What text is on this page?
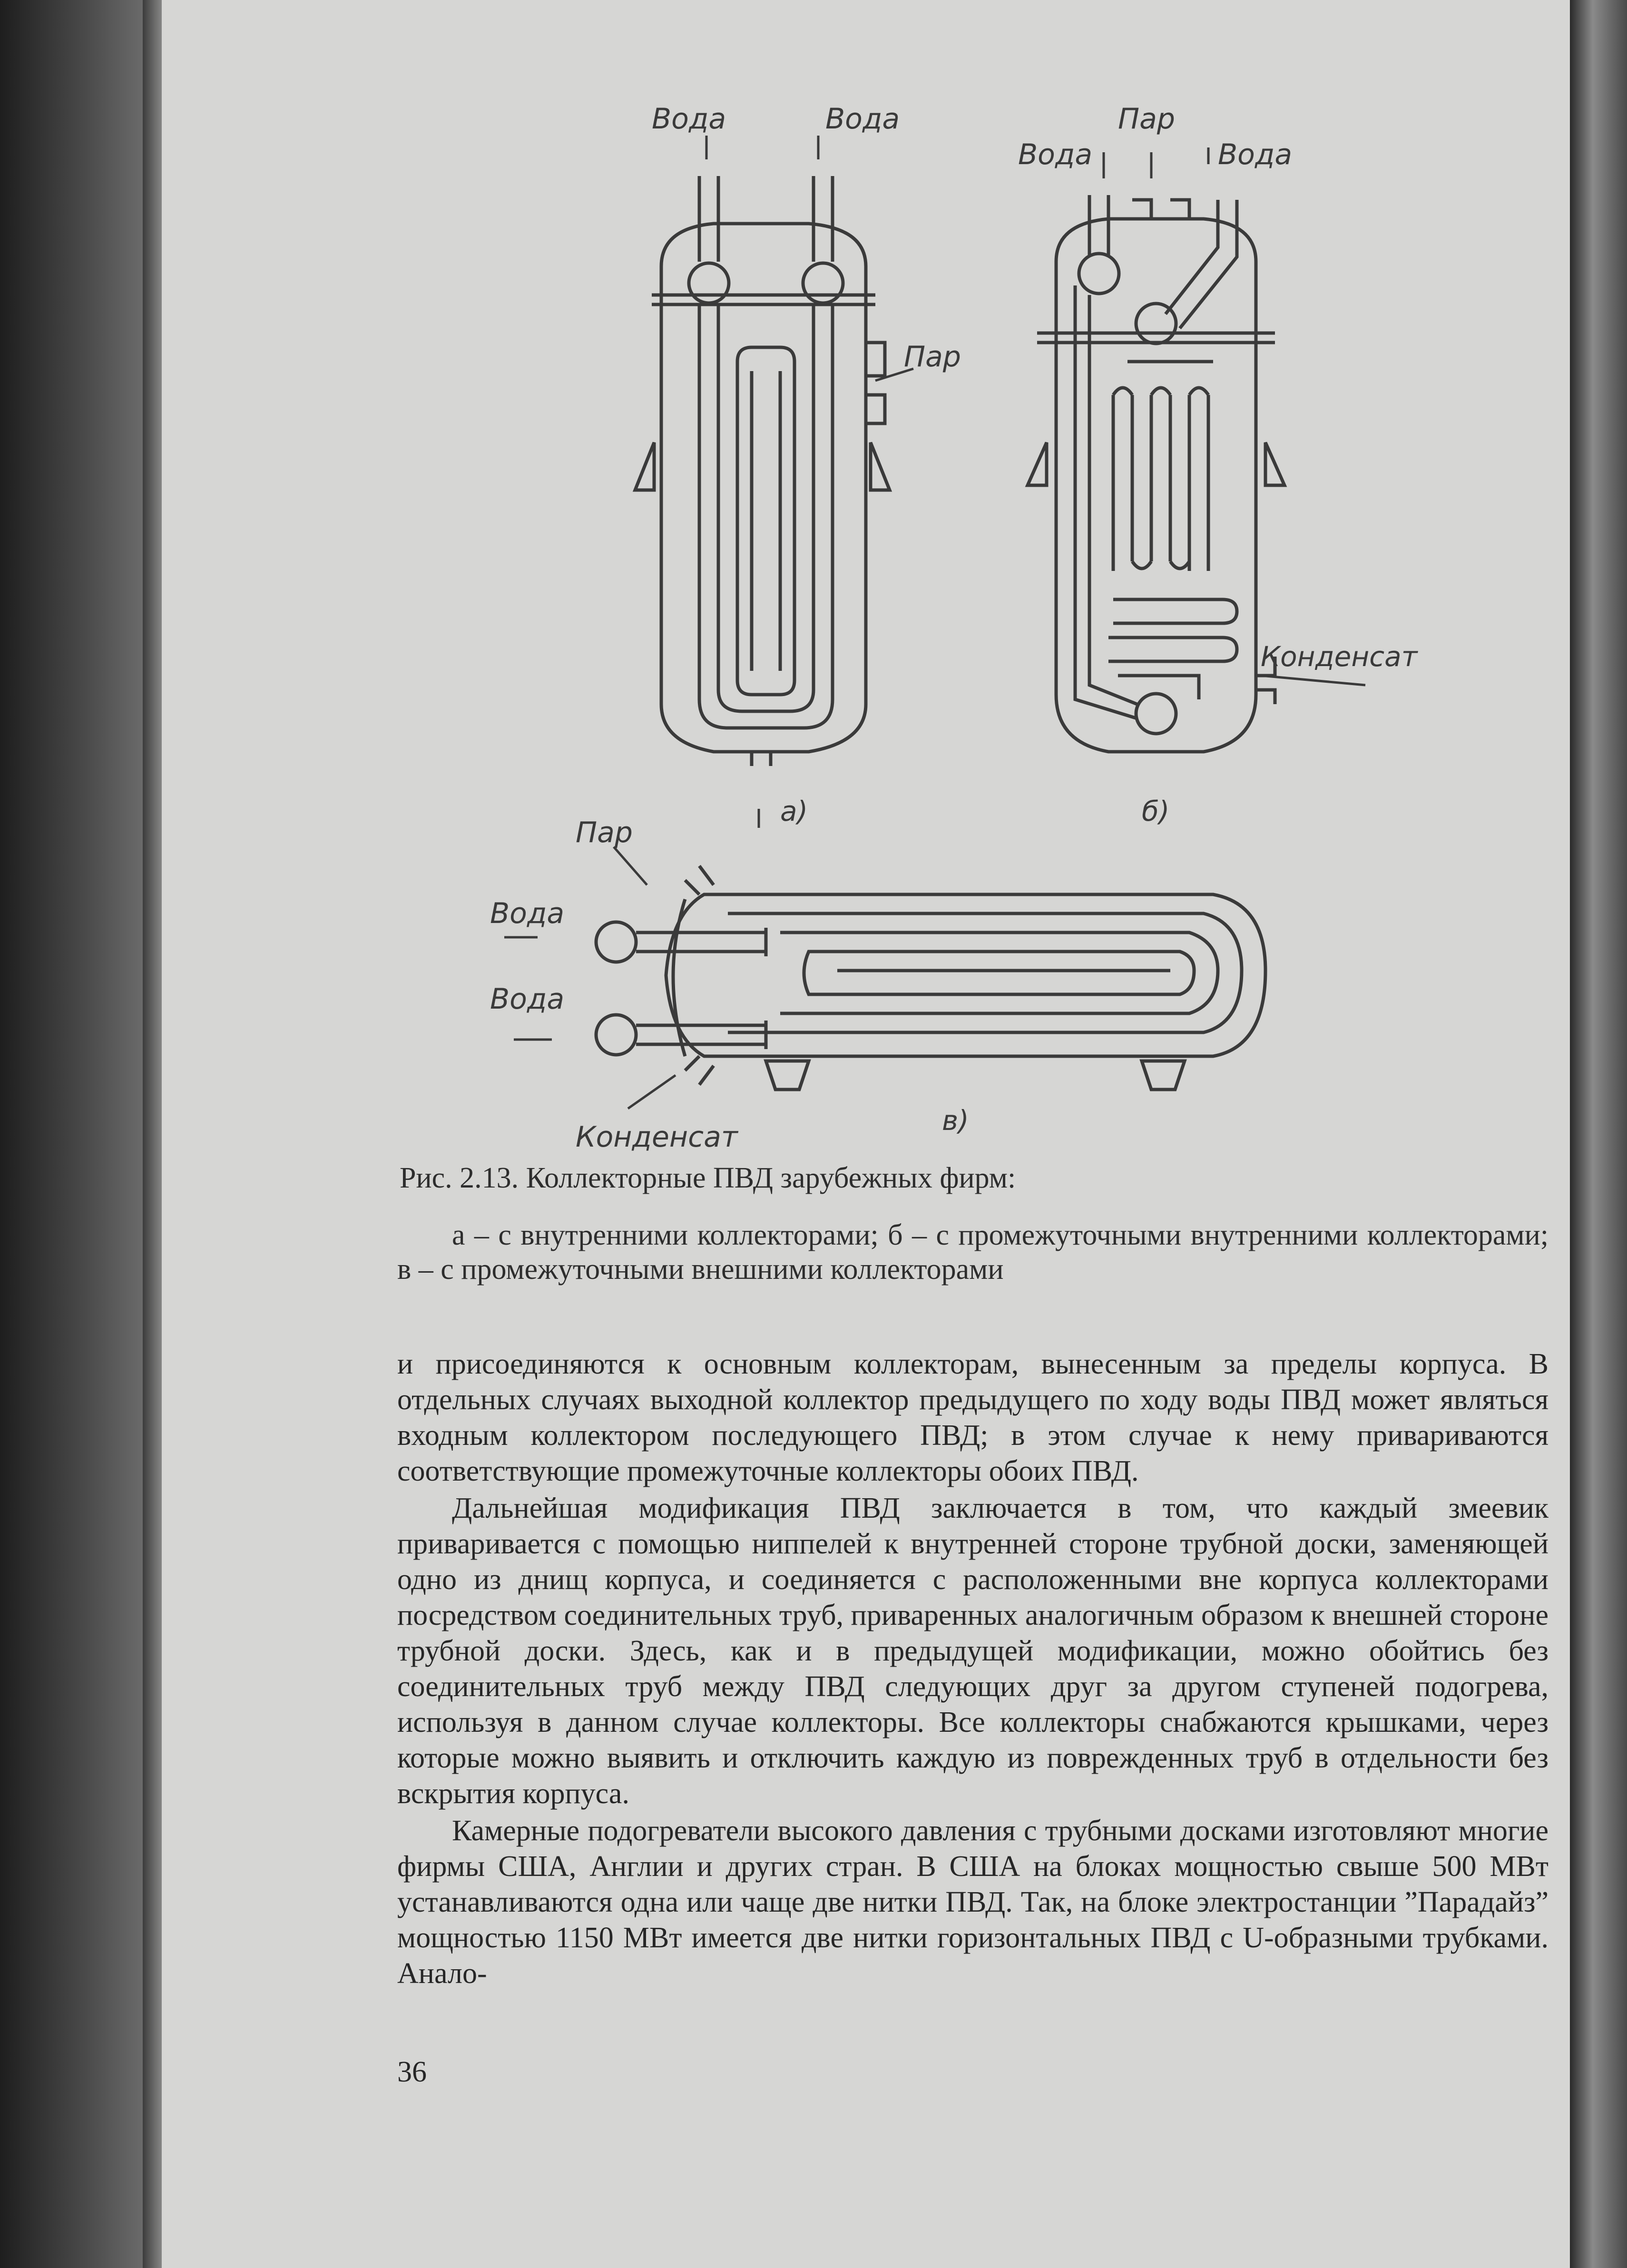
Вода	Вода
Пар
а)
Пар
Вода	Вода
Конденсат
б)
Пар
Вода
Вода
Конденсат	в)
Рис. 2.13. Коллекторные ПВД зарубежных фирм:
а – с внутренними коллекторами; б – с промежуточными внутренними коллекторами; в – с промежуточными внешними коллекторами

и присоединяются к основным коллекторам, вынесенным за пределы корпуса. В отдельных случаях выходной коллектор предыдущего по ходу воды ПВД может являться входным коллектором последующего ПВД; в этом случае к нему привариваются соответствующие промежуточные коллекторы обоих ПВД.

Дальнейшая модификация ПВД заключается в том, что каждый змеевик приваривается с помощью ниппелей к внутренней стороне трубной доски, заменяющей одно из днищ корпуса, и соединяется с расположенными вне корпуса коллекторами посредством соединительных труб, приваренных аналогичным образом к внешней стороне трубной доски. Здесь, как и в предыдущей модификации, можно обойтись без соединительных труб между ПВД следующих друг за другом ступеней подогрева, используя в данном случае коллекторы. Все коллекторы снабжаются крышками, через которые можно выявить и отключить каждую из поврежденных труб в отдельности без вскрытия корпуса.

Камерные подогреватели высокого давления с трубными досками изготовляют многие фирмы США, Англии и других стран. В США на блоках мощностью свыше 500 МВт устанавливаются одна или чаще две нитки ПВД. Так, на блоке электростанции ”Парадайз” мощностью 1150 МВт имеется две нитки горизонтальных ПВД с U-образными трубками. Анало-

36
